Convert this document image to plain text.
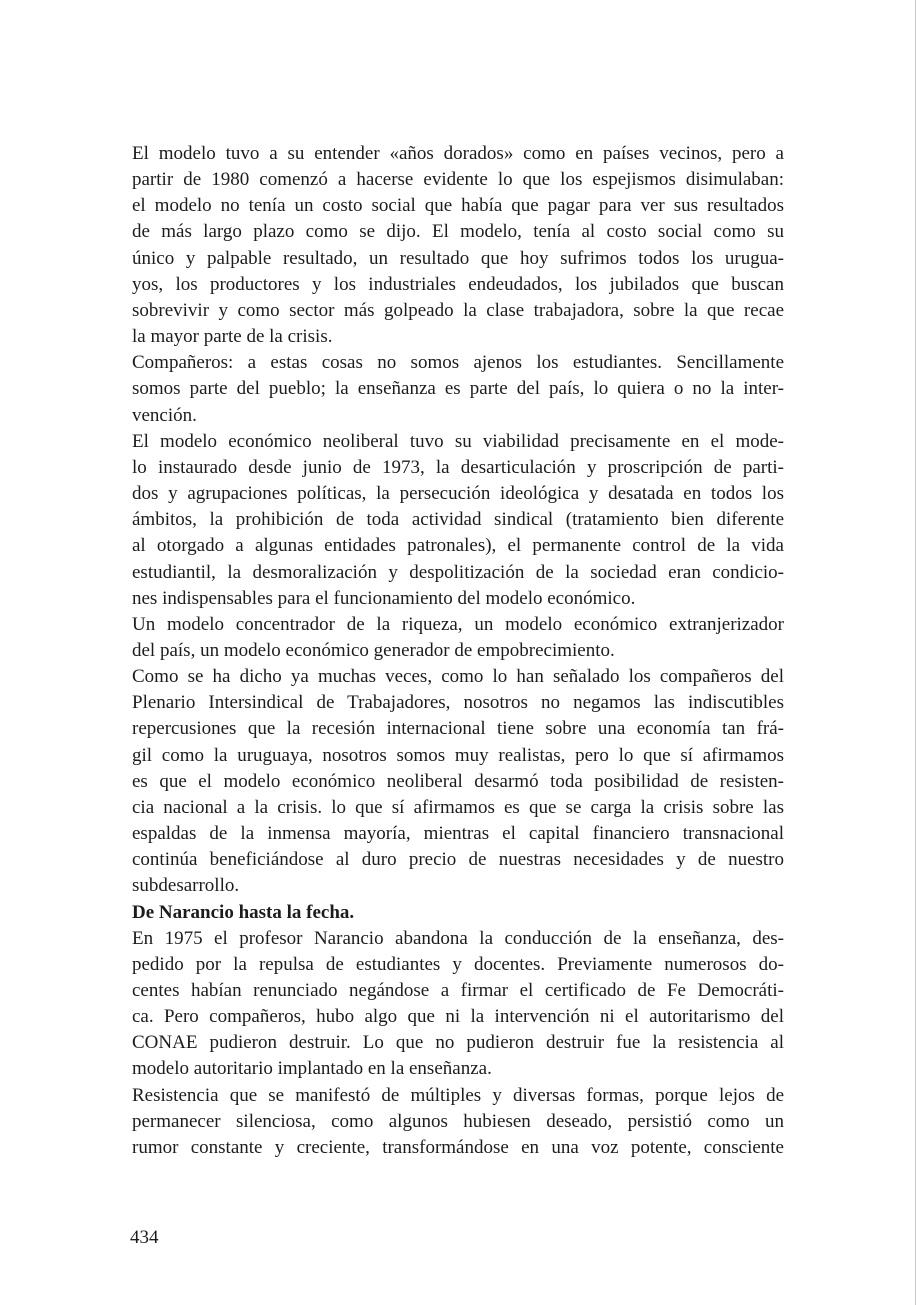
El modelo tuvo a su entender «años dorados» como en países vecinos, pero a
partir de 1980 comenzó a hacerse evidente lo que los espejismos disimulaban:
el modelo no tenía un costo social que había que pagar para ver sus resultados
de más largo plazo como se dijo. El modelo, tenía al costo social como su
único y palpable resultado, un resultado que hoy sufrimos todos los urugua-
yos, los productores y los industriales endeudados, los jubilados que buscan
sobrevivir y como sector más golpeado la clase trabajadora, sobre la que recae
la mayor parte de la crisis.
Compañeros: a estas cosas no somos ajenos los estudiantes. Sencillamente
somos parte del pueblo; la enseñanza es parte del país, lo quiera o no la inter-
vención.
El modelo económico neoliberal tuvo su viabilidad precisamente en el mode-
lo instaurado desde junio de 1973, la desarticulación y proscripción de parti-
dos y agrupaciones políticas, la persecución ideológica y desatada en todos los
ámbitos, la prohibición de toda actividad sindical (tratamiento bien diferente
al otorgado a algunas entidades patronales), el permanente control de la vida
estudiantil, la desmoralización y despolitización de la sociedad eran condicio-
nes indispensables para el funcionamiento del modelo económico.
Un modelo concentrador de la riqueza, un modelo económico extranjerizador
del país, un modelo económico generador de empobrecimiento.
Como se ha dicho ya muchas veces, como lo han señalado los compañeros del
Plenario Intersindical de Trabajadores, nosotros no negamos las indiscutibles
repercusiones que la recesión internacional tiene sobre una economía tan frá-
gil como la uruguaya, nosotros somos muy realistas, pero lo que sí afirmamos
es que el modelo económico neoliberal desarmó toda posibilidad de resisten-
cia nacional a la crisis. lo que sí afirmamos es que se carga la crisis sobre las
espaldas de la inmensa mayoría, mientras el capital financiero transnacional
continúa beneficiándose al duro precio de nuestras necesidades y de nuestro
subdesarrollo.
De Narancio hasta la fecha.
En 1975 el profesor Narancio abandona la conducción de la enseñanza, des-
pedido por la repulsa de estudiantes y docentes. Previamente numerosos do-
centes habían renunciado negándose a firmar el certificado de Fe Democráti-
ca. Pero compañeros, hubo algo que ni la intervención ni el autoritarismo del
CONAE pudieron destruir. Lo que no pudieron destruir fue la resistencia al
modelo autoritario implantado en la enseñanza.
Resistencia que se manifestó de múltiples y diversas formas, porque lejos de
permanecer silenciosa, como algunos hubiesen deseado, persistió como un
rumor constante y creciente, transformándose en una voz potente, consciente
434
